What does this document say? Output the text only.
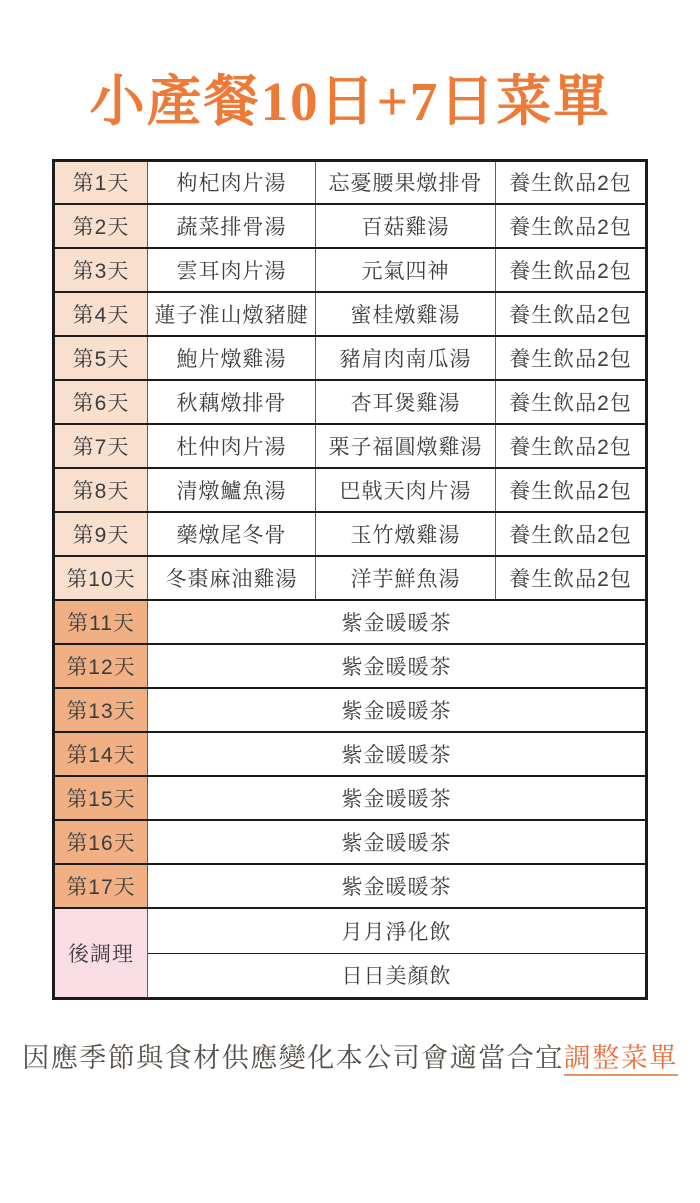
小產餐10日+7日菜單
第1天	枸杞肉片湯	忘憂腰果燉排骨	養生飲品2包
第2天	蔬菜排骨湯	百菇雞湯	養生飲品2包
第3天	雲耳肉片湯	元氣四神	養生飲品2包
第4天	蓮子淮山燉豬腱	蜜桂燉雞湯	養生飲品2包
第5天	鮑片燉雞湯	豬肩肉南瓜湯	養生飲品2包
第6天	秋藕燉排骨	杏耳煲雞湯	養生飲品2包
第7天	杜仲肉片湯	栗子福圓燉雞湯	養生飲品2包
第8天	清燉鱸魚湯	巴戟天肉片湯	養生飲品2包
第9天	藥燉尾冬骨	玉竹燉雞湯	養生飲品2包
第10天	冬棗麻油雞湯	洋芋鮮魚湯	養生飲品2包
第11天	紫金暖暖茶		
第12天	紫金暖暖茶		
第13天	紫金暖暖茶		
第14天	紫金暖暖茶		
第15天	紫金暖暖茶		
第16天	紫金暖暖茶		
第17天	紫金暖暖茶		
後調理	月月淨化飲		
	日日美顏飲		
因應季節與食材供應變化本公司會適當合宜調整菜單
